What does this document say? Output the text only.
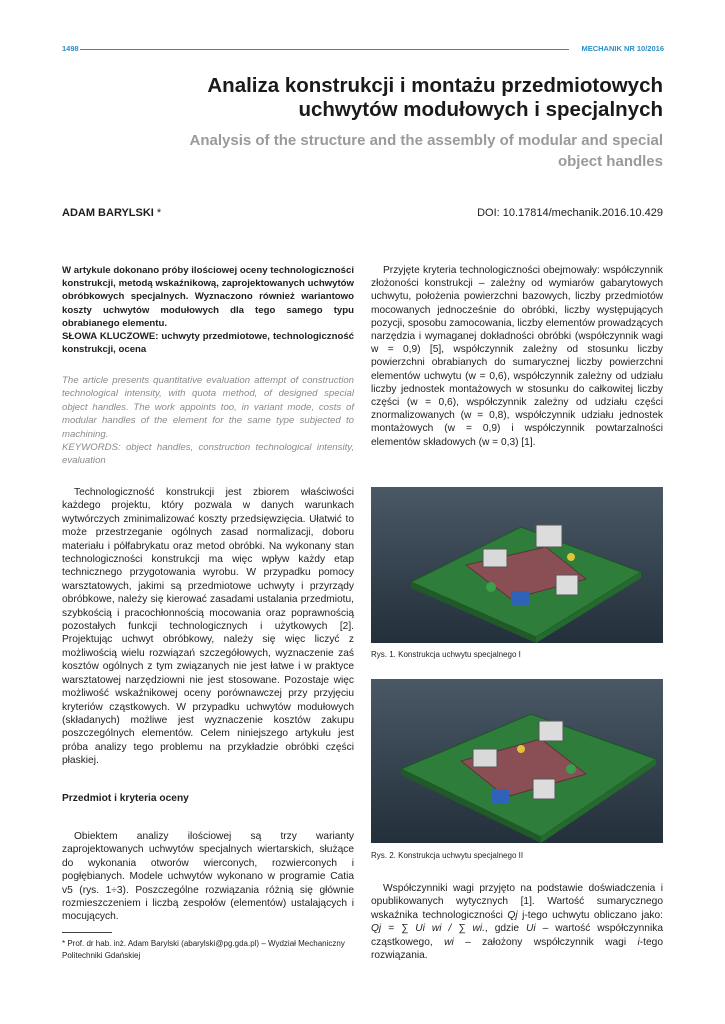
1498	MECHANIK NR 10/2016
Analiza konstrukcji i montażu przedmiotowych uchwytów modułowych i specjalnych
Analysis of the structure and the assembly of modular and special object handles
ADAM BARYLSKI *	DOI: 10.17814/mechanik.2016.10.429
W artykule dokonano próby ilościowej oceny technologiczności konstrukcji, metodą wskaźnikową, zaprojektowanych uchwytów obróbkowych specjalnych. Wyznaczono również wariantowo koszty uchwytów modułowych dla tego samego typu obrabianego elementu.
SŁOWA KLUCZOWE: uchwyty przedmiotowe, technologiczność konstrukcji, ocena
The article presents quantitative evaluation attempt of construction technological intensity, with quota method, of designed special object handles. The work appoints too, in variant mode, costs of modular handles of the element for the same type subjected to machining.
KEYWORDS: object handles, construction technological intensity, evaluation

Technologiczność konstrukcji jest zbiorem właściwości każdego projektu, który pozwala w danych warunkach wytwórczych zminimalizować koszty przedsięwzięcia. Ułatwić to może przestrzeganie ogólnych zasad normalizacji, doboru materiału i półfabrykatu oraz metod obróbki. Na wykonany stan technologiczności konstrukcji ma więc wpływ każdy etap technicznego przygotowania wyrobu. W przypadku pomocy warsztatowych, jakimi są przedmiotowe uchwyty i przyrządy obróbkowe, należy się kierować zasadami ustalania przedmiotu, szybkością i pracochłonnością mocowania oraz poprawnością pozostałych funkcji technologicznych i użytkowych [2]. Projektując uchwyt obróbkowy, należy się więc liczyć z możliwością wielu rozwiązań szczegółowych, wyznaczenie zaś kosztów ogólnych z tym związanych nie jest łatwe i w praktyce warsztatowej narzędziowni nie jest stosowane. Pozostaje więc możliwość wskaźnikowej oceny porównawczej przy przyjęciu kryteriów cząstkowych. W przypadku uchwytów modułowych (składanych) możliwe jest wyznaczenie kosztów zakupu poszczególnych elementów. Celem niniejszego artykułu jest próba analizy tego problemu na przykładzie obróbki części płaskiej.

Przedmiot i kryteria oceny

Obiektem analizy ilościowej są trzy warianty zaprojektowanych uchwytów specjalnych wiertarskich, służące do wykonania otworów wierconych, rozwierconych i pogłębianych. Modele uchwytów wykonano w programie Catia v5 (rys. 1÷3). Poszczególne rozwiązania różnią się głównie rozmieszczeniem i liczbą zespołów (elementów) ustalających i mocujących.

* Prof. dr hab. inż. Adam Barylski (abarylski@pg.gda.pl) – Wydział Mechaniczny Politechniki Gdańskiej

Przyjęte kryteria technologiczności obejmowały: współczynnik złożoności konstrukcji – zależny od wymiarów gabarytowych uchwytu, położenia powierzchni bazowych, liczby przedmiotów mocowanych jednocześnie do obróbki, liczby występujących pozycji, sposobu zamocowania, liczby elementów prowadzących narzędzia i wymaganej dokładności obróbki (współczynnik wagi w = 0,9) [5], współczynnik zależny od stosunku liczby powierzchni obrabianych do sumarycznej liczby powierzchni elementów uchwytu (w = 0,6), współczynnik zależny od udziału liczby jednostek montażowych w stosunku do całkowitej liczby części (w = 0,6), współczynnik zależny od udziału części znormalizowanych (w = 0,8), współczynnik udziału jednostek montażowych (w = 0,9) i współczynnik powtarzalności elementów składowych (w = 0,3) [1].

Rys. 1. Konstrukcja uchwytu specjalnego I
Rys. 2. Konstrukcja uchwytu specjalnego II

Współczynniki wagi przyjęto na podstawie doświadczenia i opublikowanych wytycznych [1]. Wartość sumarycznego wskaźnika technologiczności Qj j-tego uchwytu obliczano jako: Qj = ∑ Ui wi / ∑ wi., gdzie Ui – wartość współczynnika cząstkowego, wi – założony współczynnik wagi i-tego rozwiązania.
